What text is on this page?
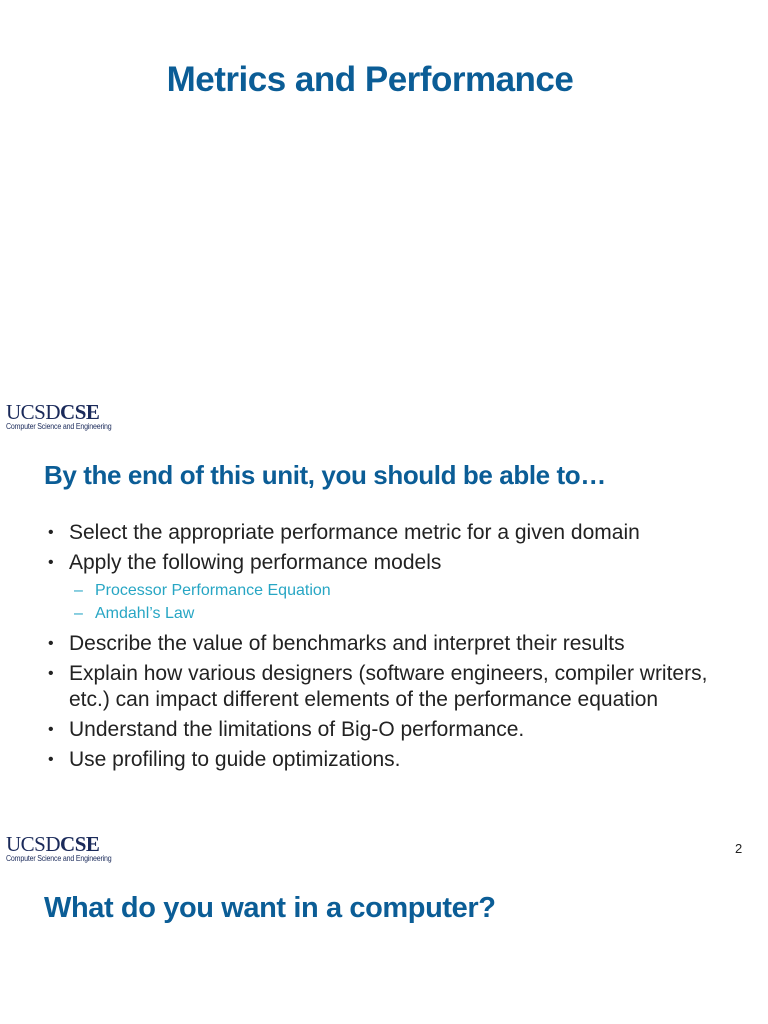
Metrics and Performance
UCSDCSE
Computer Science and Engineering
By the end of this unit, you should be able to…
• Select the appropriate performance metric for a given domain
• Apply the following performance models
– Processor Performance Equation
– Amdahl’s Law
• Describe the value of benchmarks and interpret their results
• Explain how various designers (software engineers, compiler writers, etc.) can impact different elements of the performance equation
• Understand the limitations of Big-O performance.
• Use profiling to guide optimizations.
UCSDCSE
Computer Science and Engineering
2
What do you want in a computer?
